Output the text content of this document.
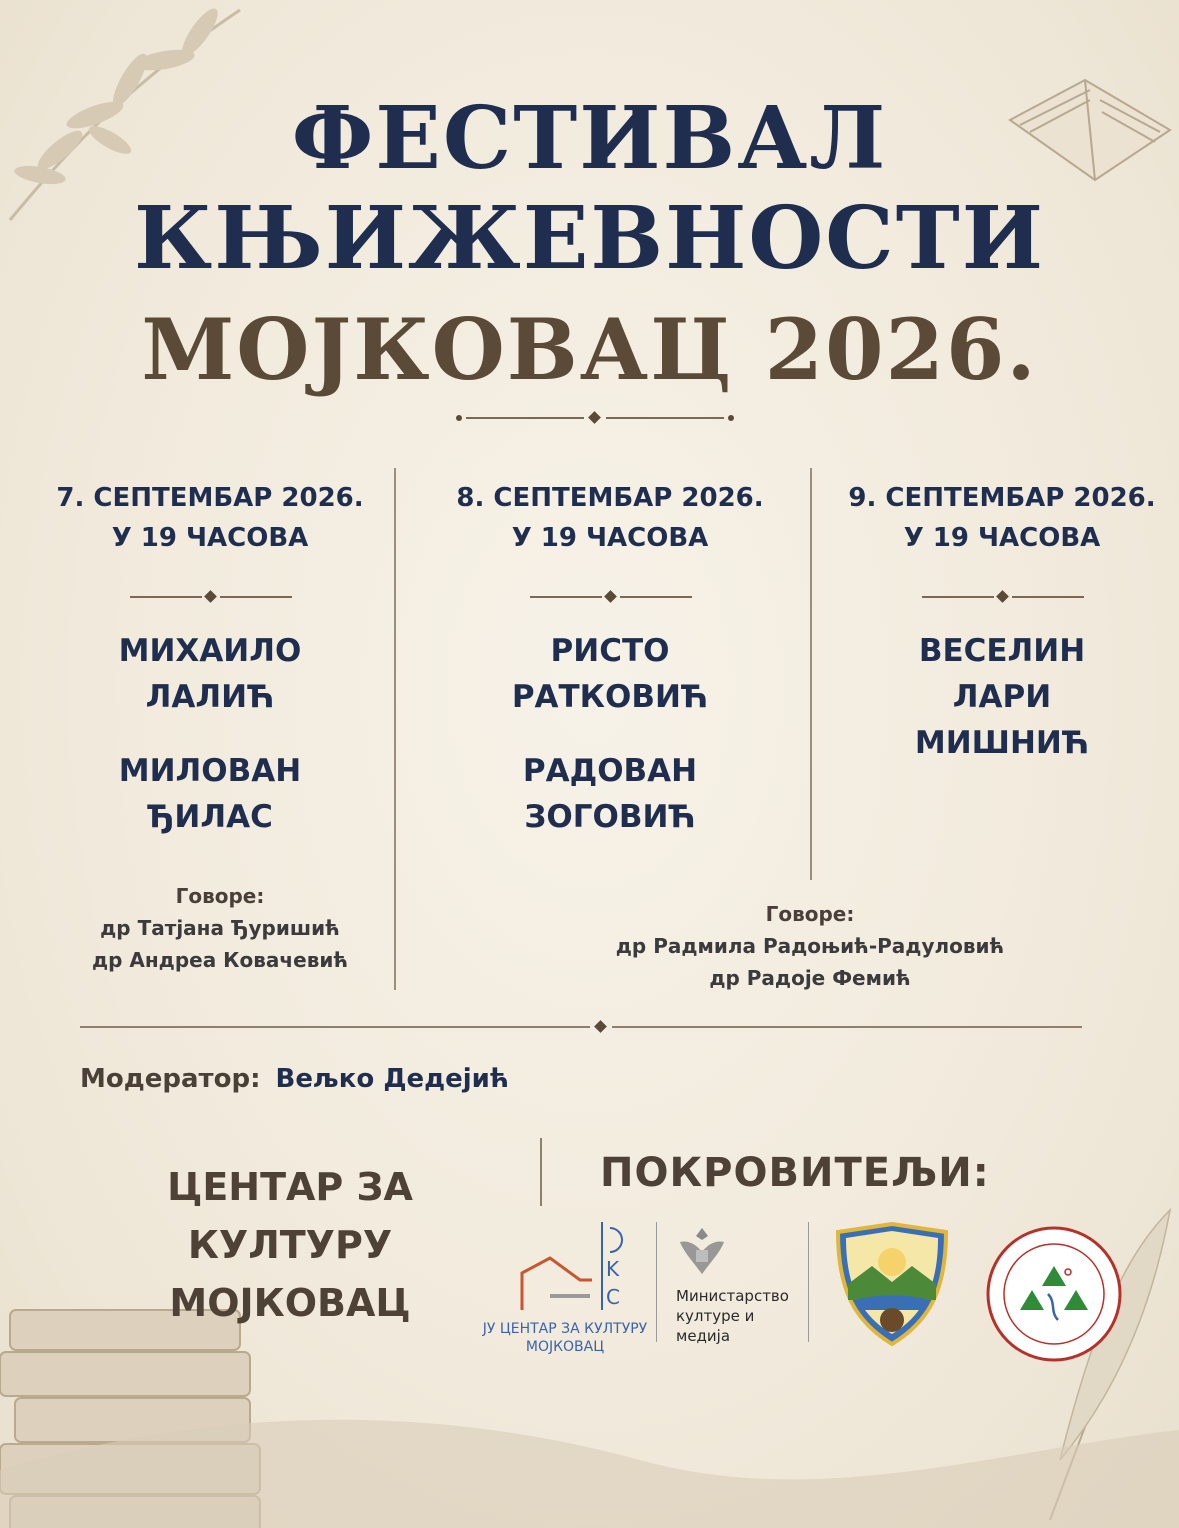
ФЕСТИВАЛ
КЊИЖЕВНОСТИ
МОЈКОВАЦ 2026.
7. СЕПТЕМБАР 2026.
У 19 ЧАСОВА
МИХАИЛО
ЛАЛИЋ
МИЛОВАН
ЂИЛАС
8. СЕПТЕМБАР 2026.
У 19 ЧАСОВА
РИСТО
РАТКОВИЋ
РАДОВАН
ЗОГОВИЋ
9. СЕПТЕМБАР 2026.
У 19 ЧАСОВА
ВЕСЕЛИН
ЛАРИ
МИШНИЋ
Говоре:
др Татјана Ђуришић
др Андреа Ковачевић
Говоре:
др Радмила Радоњић-Радуловић
др Радоје Фемић
Модератор: Вељко Дедејић
ЦЕНТАР ЗА КУЛТУРУ
МОЈКОВАЦ
ПОКРОВИТЕЉИ:
K
C
ЈУ ЦЕНТАР ЗА КУЛТУРУ
МОЈКОВАЦ
Министарство
културе и
медија
